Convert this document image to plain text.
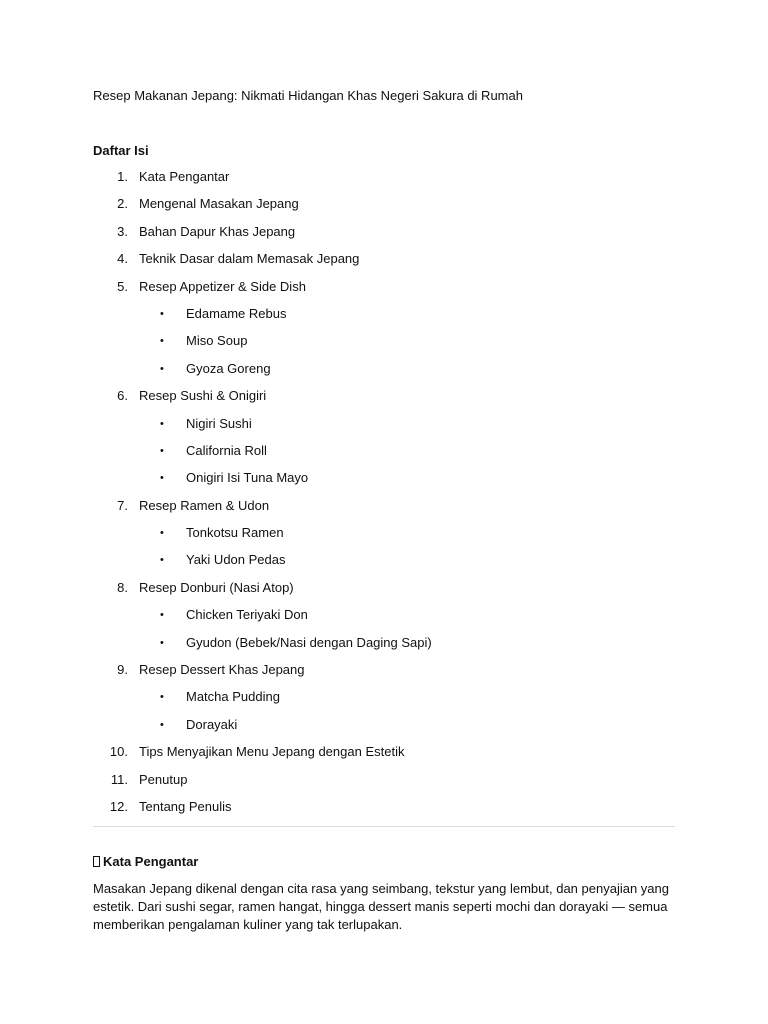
Resep Makanan Jepang: Nikmati Hidangan Khas Negeri Sakura di Rumah

Daftar Isi

1. Kata Pengantar
2. Mengenal Masakan Jepang
3. Bahan Dapur Khas Jepang
4. Teknik Dasar dalam Memasak Jepang
5. Resep Appetizer & Side Dish
• Edamame Rebus
• Miso Soup
• Gyoza Goreng
6. Resep Sushi & Onigiri
• Nigiri Sushi
• California Roll
• Onigiri Isi Tuna Mayo
7. Resep Ramen & Udon
• Tonkotsu Ramen
• Yaki Udon Pedas
8. Resep Donburi (Nasi Atop)
• Chicken Teriyaki Don
• Gyudon (Bebek/Nasi dengan Daging Sapi)
9. Resep Dessert Khas Jepang
• Matcha Pudding
• Dorayaki
10. Tips Menyajikan Menu Jepang dengan Estetik
11. Penutup
12. Tentang Penulis

Kata Pengantar

Masakan Jepang dikenal dengan cita rasa yang seimbang, tekstur yang lembut, dan penyajian yang estetik. Dari sushi segar, ramen hangat, hingga dessert manis seperti mochi dan dorayaki — semua memberikan pengalaman kuliner yang tak terlupakan.
